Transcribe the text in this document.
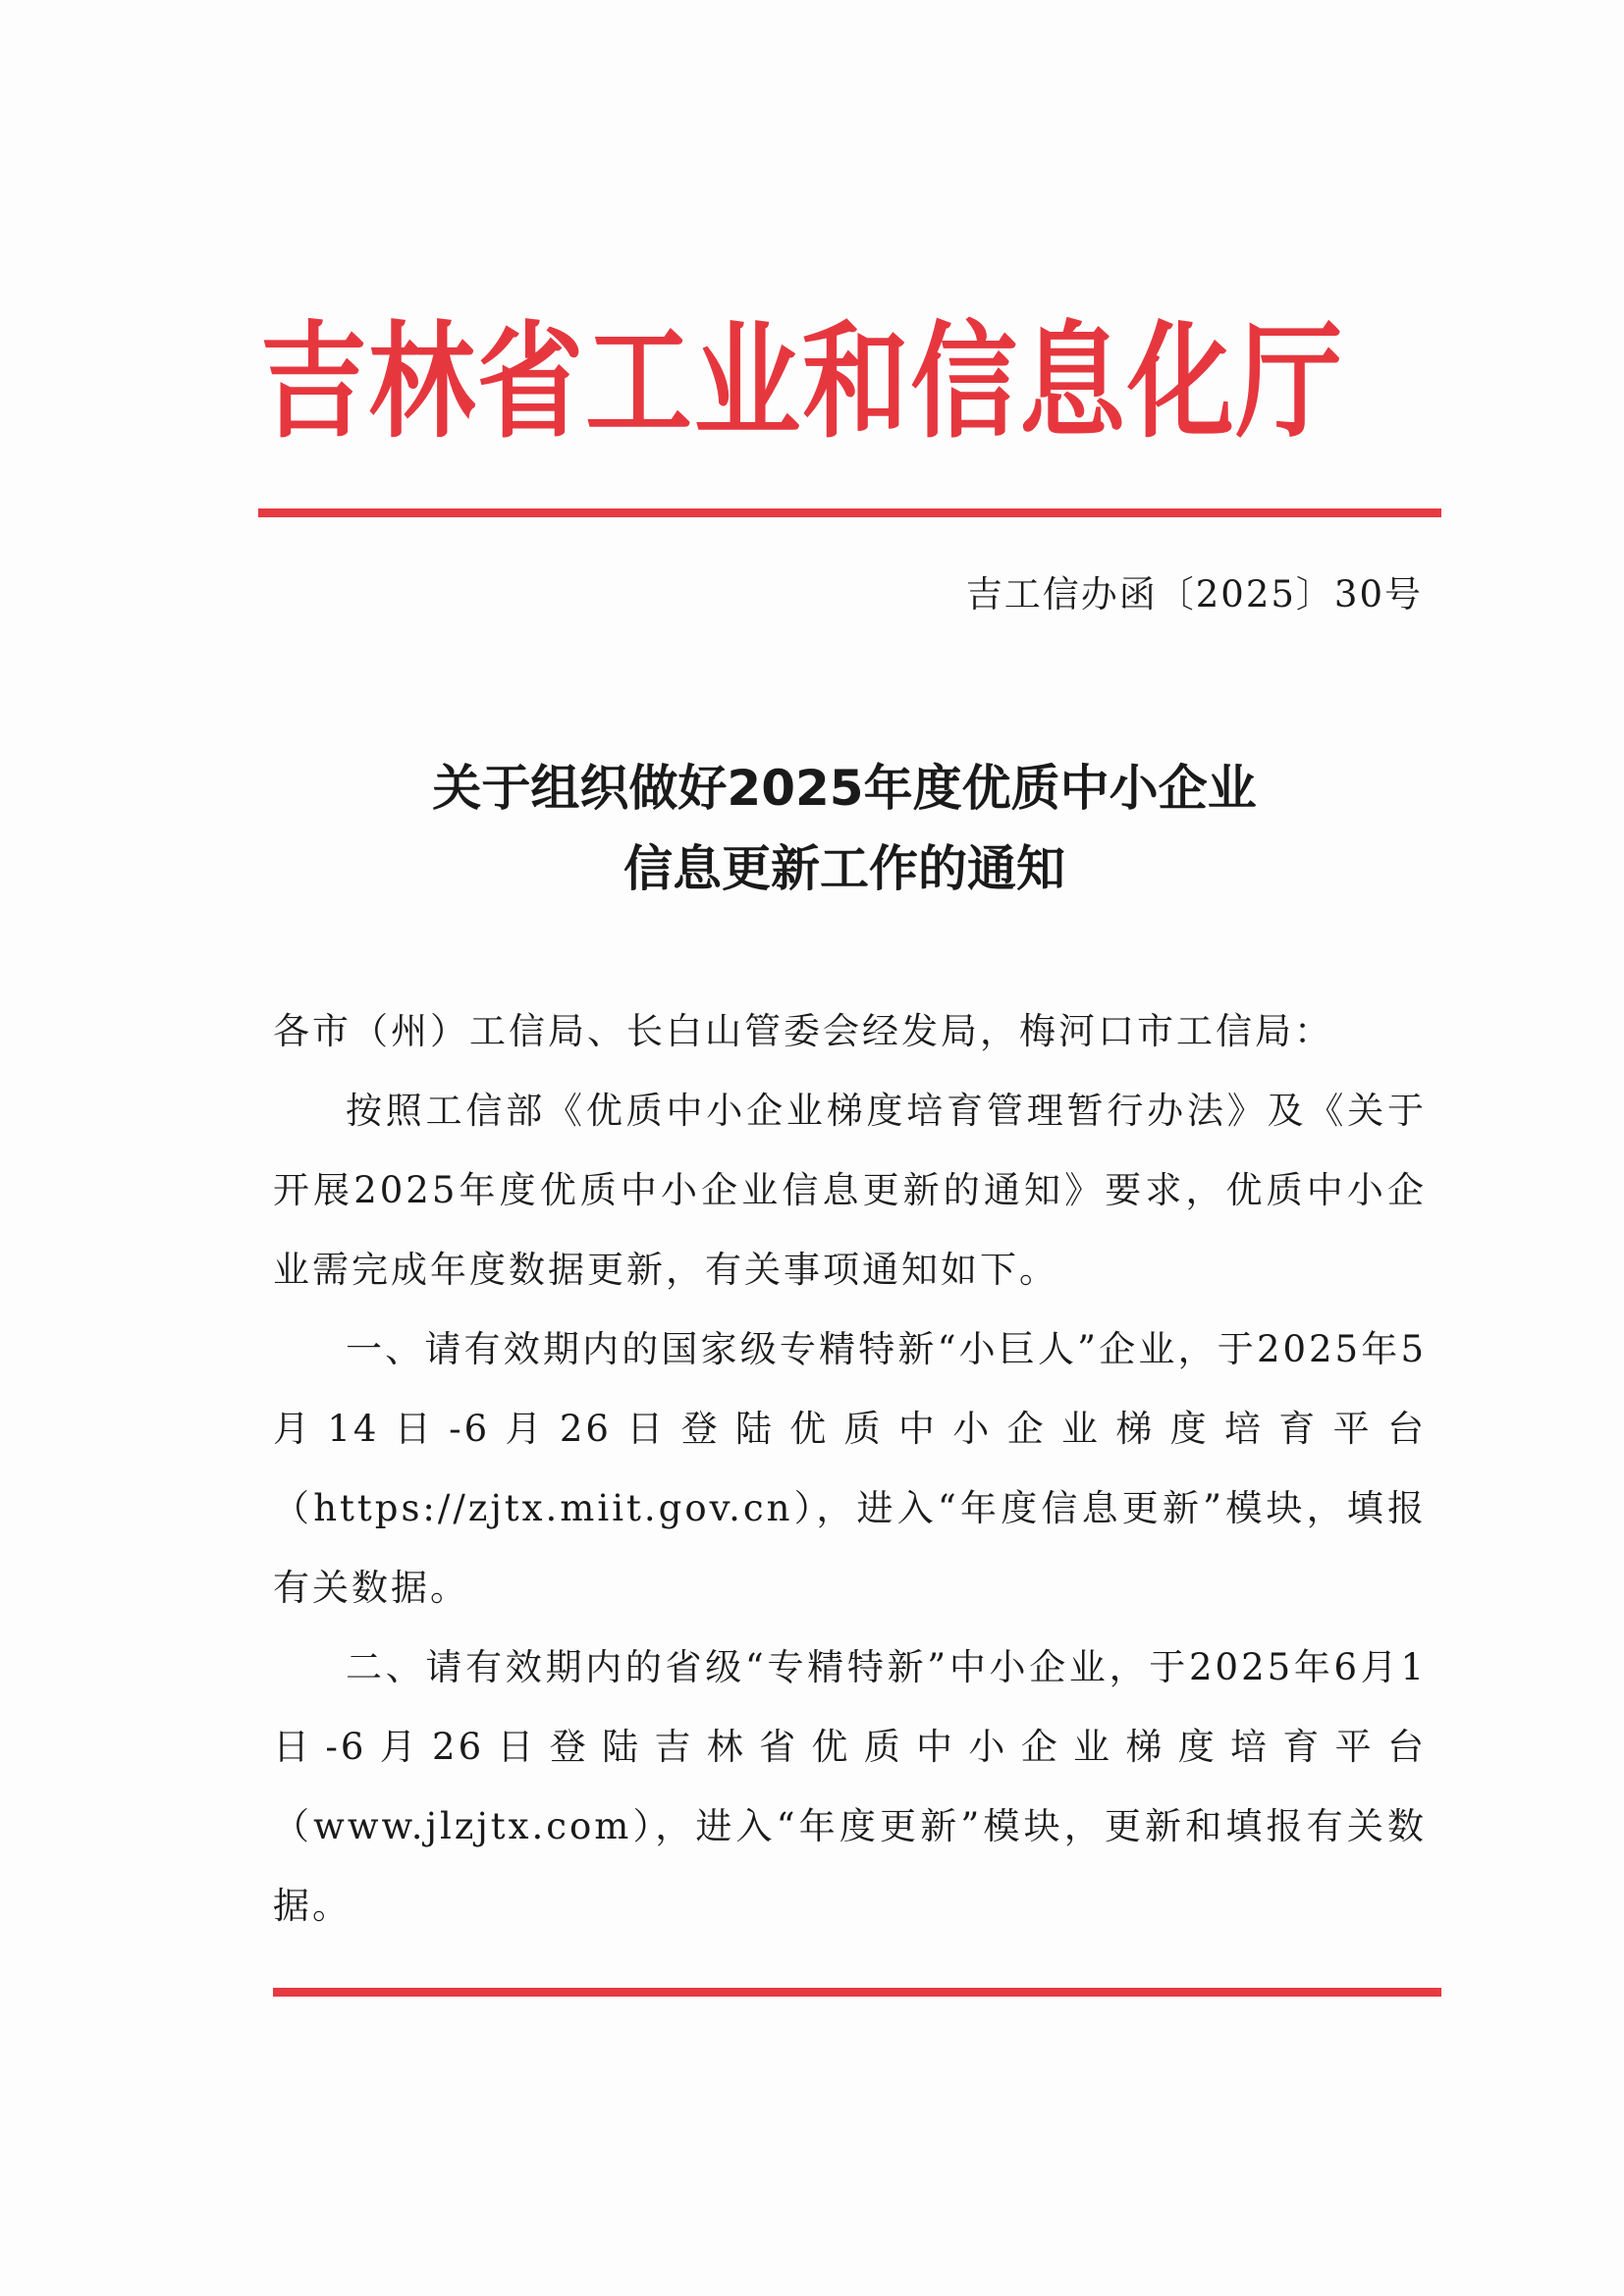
吉林省工业和信息化厅
吉工信办函〔2025〕30号
关于组织做好2025年度优质中小企业
信息更新工作的通知

各市（州）工信局、长白山管委会经发局，梅河口市工信局：

按照工信部《优质中小企业梯度培育管理暂行办法》及《关于开展2025年度优质中小企业信息更新的通知》要求，优质中小企业需完成年度数据更新，有关事项通知如下。

一、请有效期内的国家级专精特新“小巨人”企业，于2025年5月14日-6月26日登陆优质中小企业梯度培育平台（https://zjtx.miit.gov.cn），进入“年度信息更新”模块，填报有关数据。

二、请有效期内的省级“专精特新”中小企业，于2025年6月1日-6月26日登陆吉林省优质中小企业梯度培育平台（www.jlzjtx.com），进入“年度更新”模块，更新和填报有关数据。
